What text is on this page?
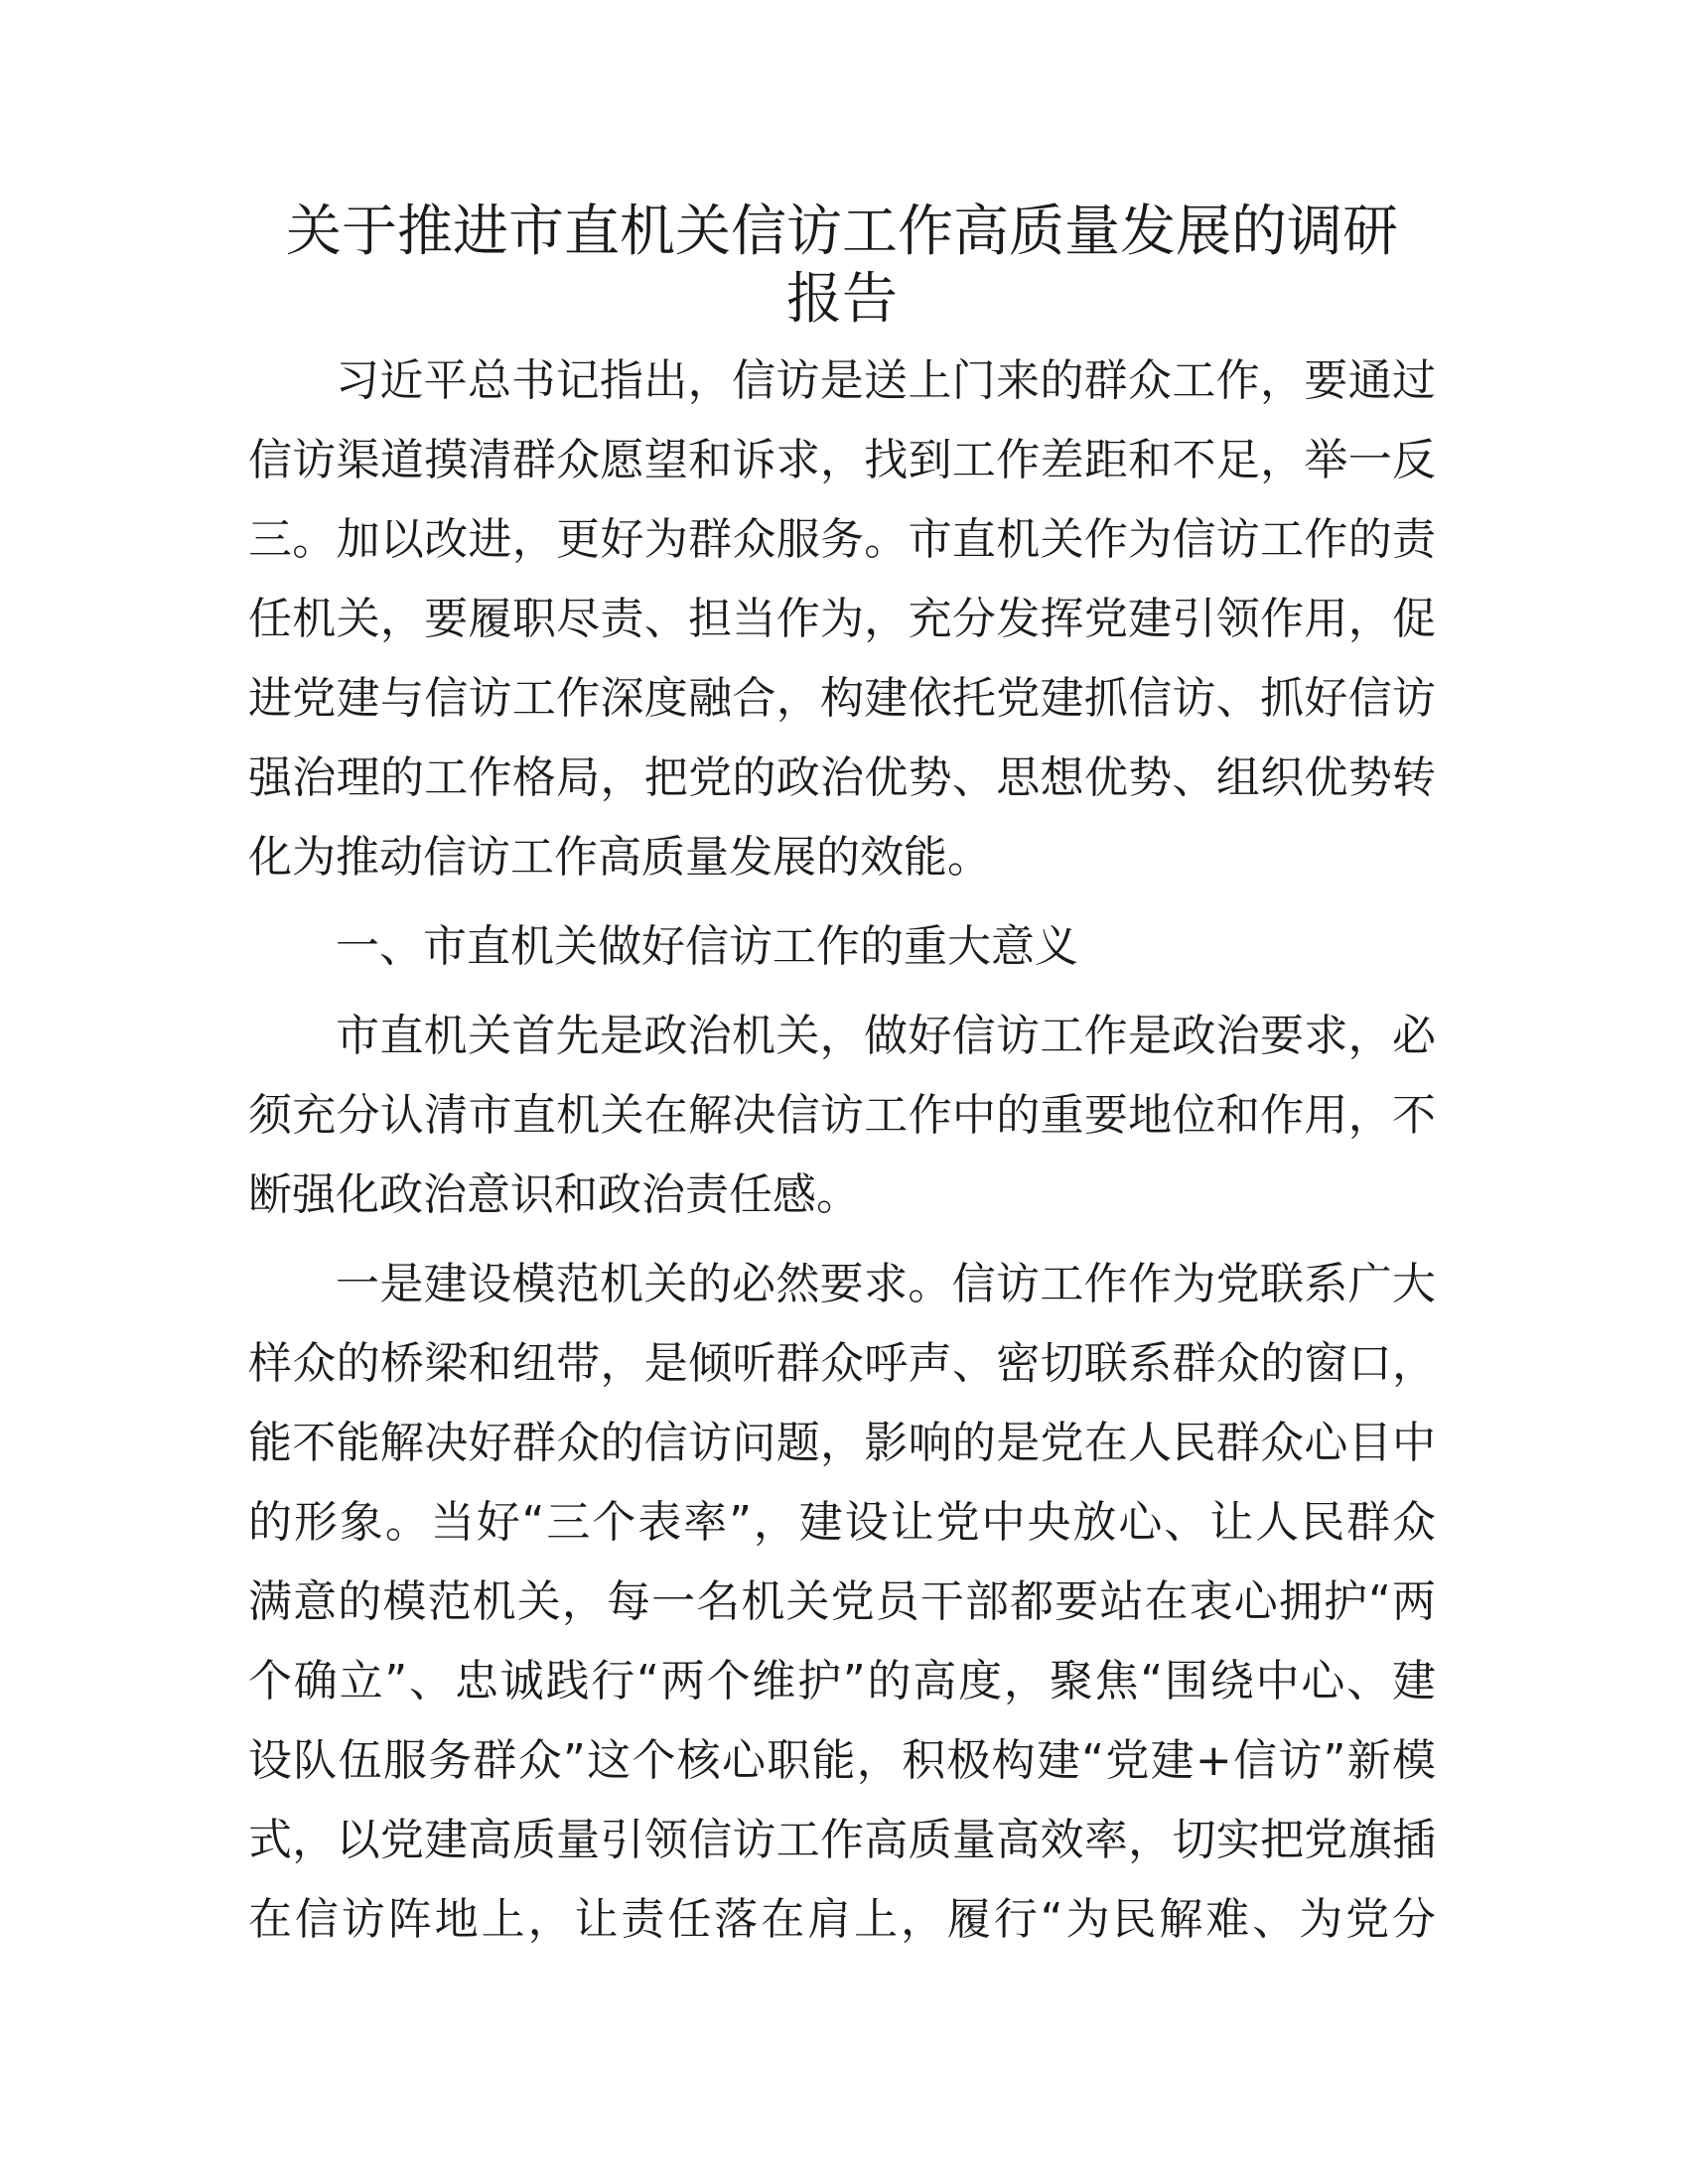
关于推进市直机关信访工作高质量发展的调研
报告
习近平总书记指出，信访是送上门来的群众工作，要通过
信访渠道摸清群众愿望和诉求，找到工作差距和不足，举一反
三。加以改进，更好为群众服务。市直机关作为信访工作的责
任机关，要履职尽责、担当作为，充分发挥党建引领作用，促
进党建与信访工作深度融合，构建依托党建抓信访、抓好信访
强治理的工作格局，把党的政治优势、思想优势、组织优势转
化为推动信访工作高质量发展的效能。
一、市直机关做好信访工作的重大意义
市直机关首先是政治机关，做好信访工作是政治要求，必
须充分认清市直机关在解决信访工作中的重要地位和作用，不
断强化政治意识和政治责任感。
一是建设模范机关的必然要求。信访工作作为党联系广大
样众的桥梁和纽带，是倾听群众呼声、密切联系群众的窗口，
能不能解决好群众的信访问题，影响的是党在人民群众心目中
的形象。当好“三个表率”，建设让党中央放心、让人民群众
满意的模范机关，每一名机关党员干部都要站在衷心拥护“两
个确立”、忠诚践行“两个维护”的高度，聚焦“围绕中心、建
设队伍服务群众”这个核心职能，积极构建“党建+信访”新模
式，以党建高质量引领信访工作高质量高效率，切实把党旗插
在信访阵地上，让责任落在肩上，履行“为民解难、为党分
